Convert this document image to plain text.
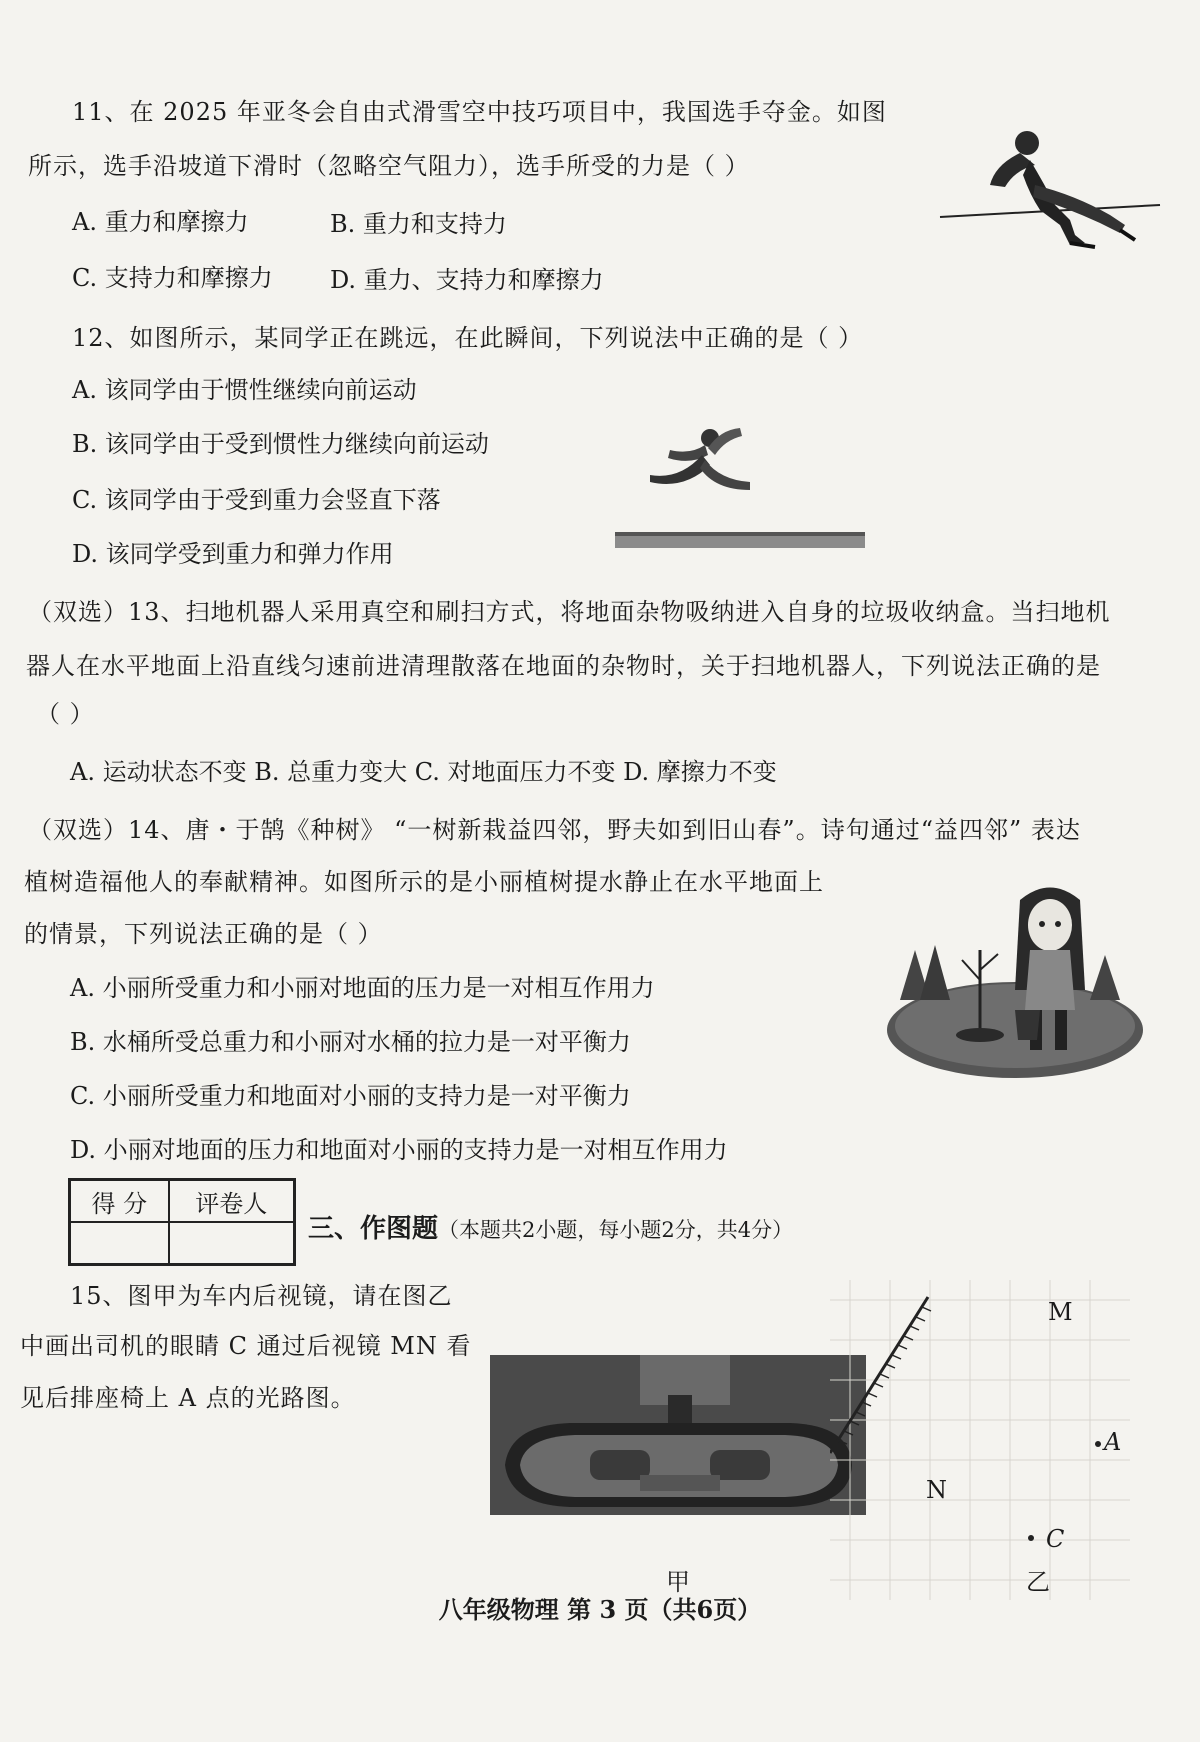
11、在 2025 年亚冬会自由式滑雪空中技巧项目中，我国选手夺金。如图
所示，选手沿坡道下滑时（忽略空气阻力），选手所受的力是（ ）
A. 重力和摩擦力	B. 重力和支持力
C. 支持力和摩擦力 D. 重力、支持力和摩擦力
12、如图所示，某同学正在跳远，在此瞬间，下列说法中正确的是（ ）
A. 该同学由于惯性继续向前运动
B. 该同学由于受到惯性力继续向前运动
C. 该同学由于受到重力会竖直下落
D. 该同学受到重力和弹力作用
（双选）13、扫地机器人采用真空和刷扫方式，将地面杂物吸纳进入自身的垃圾收纳盒。当扫地机
器人在水平地面上沿直线匀速前进清理散落在地面的杂物时，关于扫地机器人，下列说法正确的是
（ ）
A. 运动状态不变 B. 总重力变大 C. 对地面压力不变 D. 摩擦力不变
（双选）14、唐・于鹄《种树》 “一树新栽益四邻，野夫如到旧山春”。诗句通过“益四邻” 表达
植树造福他人的奉献精神。如图所示的是小丽植树提水静止在水平地面上
的情景，下列说法正确的是（ ）
A. 小丽所受重力和小丽对地面的压力是一对相互作用力
B. 水桶所受总重力和小丽对水桶的拉力是一对平衡力
C. 小丽所受重力和地面对小丽的支持力是一对平衡力
D. 小丽对地面的压力和地面对小丽的支持力是一对相互作用力
得 分	评卷人

三、作图题（本题共2小题，每小题2分，共4分）
15、图甲为车内后视镜，请在图乙
中画出司机的眼睛 C 通过后视镜 MN 看
见后排座椅上 A 点的光路图。
甲
M
N
A
C
乙
八年级物理 第 3 页（共6页）
